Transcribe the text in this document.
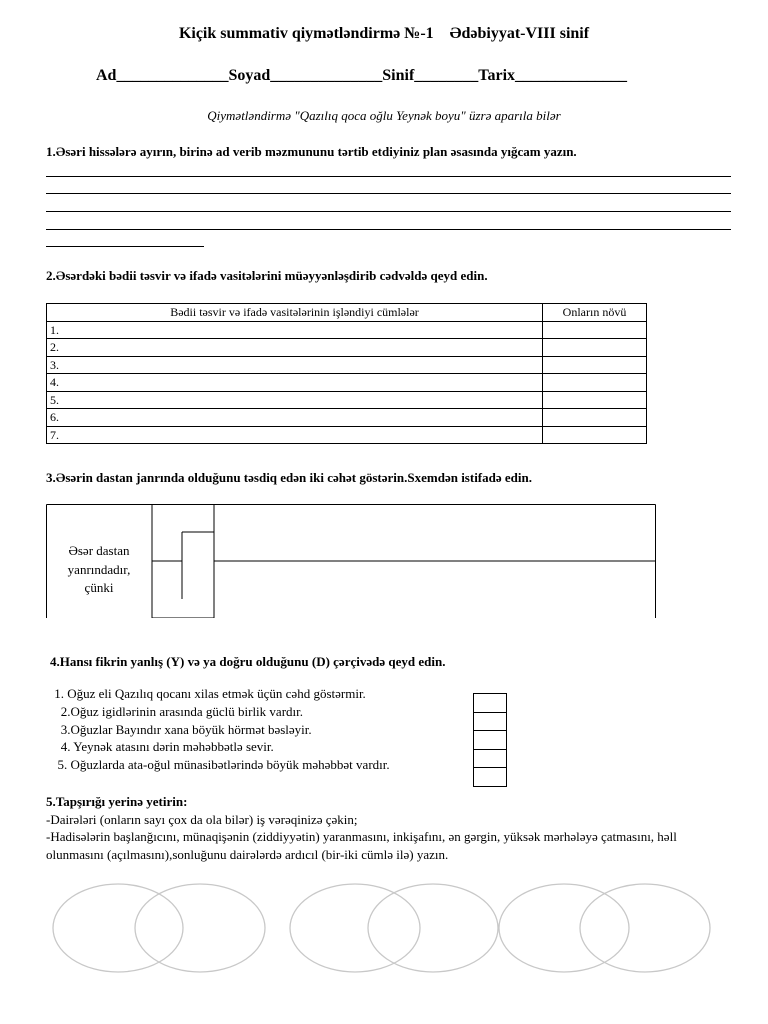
Kiçik summativ qiymətləndirmə №-1 Ədəbiyyat-VIII sinif
Ad______________Soyad______________Sinif________Tarix______________
Qiymətləndirmə "Qazılıq qoca oğlu Yeynək boyu" üzrə aparıla bilər
1.Əsəri hissələrə ayırın, birinə ad verib məzmununu tərtib etdiyiniz plan əsasında yığcam yazın.
2.Əsərdəki bədii təsvir və ifadə vasitələrini müəyyənləşdirib cədvəldə qeyd edin.
Bədii təsvir və ifadə vasitələrinin işləndiyi cümlələr	Onların növü
1.	
2.	
3.	
4.	
5.	
6.	
7.	
3.Əsərin dastan janrında olduğunu təsdiq edən iki cəhət göstərin.Sxemdən istifadə edin.
Əsər dastan
yanrındadır,
çünki
4.Hansı fikrin yanlış (Y) və ya doğru olduğunu (D) çərçivədə qeyd edin.
1. Oğuz eli Qazılıq qocanı xilas etmək üçün cəhd göstərmir.
2.Oğuz igidlərinin arasında güclü birlik vardır.
3.Oğuzlar Bayındır xana böyük hörmət bəsləyir.
4. Yeynək atasını dərin məhəbbətlə sevir.
5. Oğuzlarda ata-oğul münasibətlərində böyük məhəbbət vardır.
5.Tapşırığı yerinə yetirin:
-Dairələri (onların sayı çox da ola bilər) iş vərəqinizə çəkin;
-Hadisələrin başlanğıcını, münaqişənin (ziddiyyətin) yaranmasını, inkişafını, ən gərgin, yüksək mərhələyə çatmasını, həll olunmasını (açılmasını),sonluğunu dairələrdə ardıcıl (bir-iki cümlə ilə) yazın.
